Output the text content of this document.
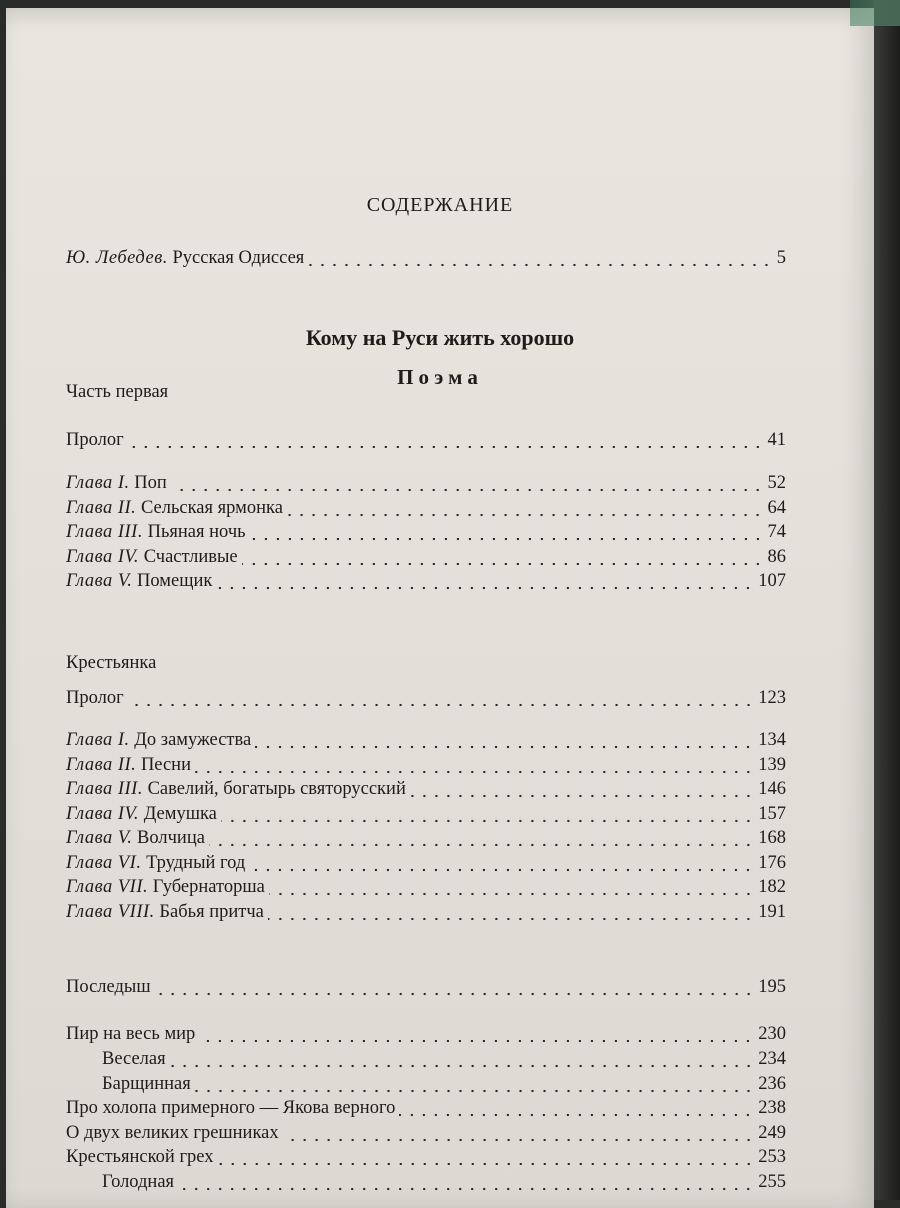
СОДЕРЖАНИЕ
Ю. Лебедев. Русская Одиссея	5
Кому на Руси жить хорошо
Поэма
Часть первая
Пролог	41
Глава I. Поп	52
Глава II. Сельская ярмонка	64
Глава III. Пьяная ночь	74
Глава IV. Счастливые	86
Глава V. Помещик	107
Крестьянка
Пролог	123
Глава I. До замужества	134
Глава II. Песни	139
Глава III. Савелий, богатырь святорусский	146
Глава IV. Демушка	157
Глава V. Волчица	168
Глава VI. Трудный год	176
Глава VII. Губернаторша	182
Глава VIII. Бабья притча	191
Последыш	195
Пир на весь мир	230
Веселая	234
Барщинная	236
Про холопа примерного — Якова верного	238
О двух великих грешниках	249
Крестьянской грех	253
Голодная	255
